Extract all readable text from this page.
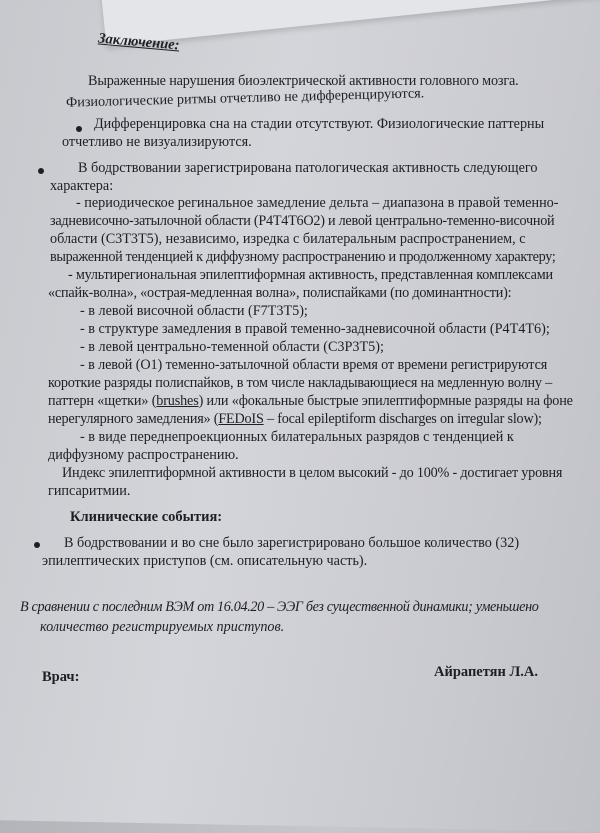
Заключение:
Выраженные нарушения биоэлектрической активности головного мозга.
Физиологические ритмы отчетливо не дифференцируются.
Дифференцировка сна на стадии отсутствуют. Физиологические паттерны
отчетливо не визуализируются.
В бодрствовании зарегистрирована патологическая активность следующего
характера:
- периодическое регинальное замедление дельта – диапазона в правой теменно-
задневисочно-затылочной области (P4T4T6O2) и левой центрально-теменно-височной
области (C3T3T5), независимо, изредка с билатеральным распространением, с
выраженной тенденцией к диффузному распространению и продолженному характеру;
- мультирегиональная эпилептиформная активность, представленная комплексами
«спайк-волна», «острая-медленная волна», полиспайками (по доминантности):
- в левой височной области (F7T3T5);
- в структуре замедления в правой теменно-задневисочной области (P4T4T6);
- в левой центрально-теменной области (C3P3T5);
- в левой (O1) теменно-затылочной области время от времени регистрируются
короткие разряды полиспайков, в том числе накладывающиеся на медленную волну –
паттерн «щетки» (brushes) или «фокальные быстрые эпилептиформные разряды на фоне
нерегулярного замедления» (FEDoIS – focal epileptiform discharges on irregular slow);
- в виде переднепроекционных билатеральных разрядов с тенденцией к
диффузному распространению.
Индекс эпилептиформной активности в целом высокий - до 100% - достигает уровня
гипсаритмии.
Клинические события:
В бодрствовании и во сне было зарегистрировано большое количество (32)
эпилептических приступов (см. описательную часть).
В сравнении с последним ВЭМ от 16.04.20 – ЭЭГ без существенной динамики; уменьшено
количество регистрируемых приступов.
Врач:	Айрапетян Л.А.
